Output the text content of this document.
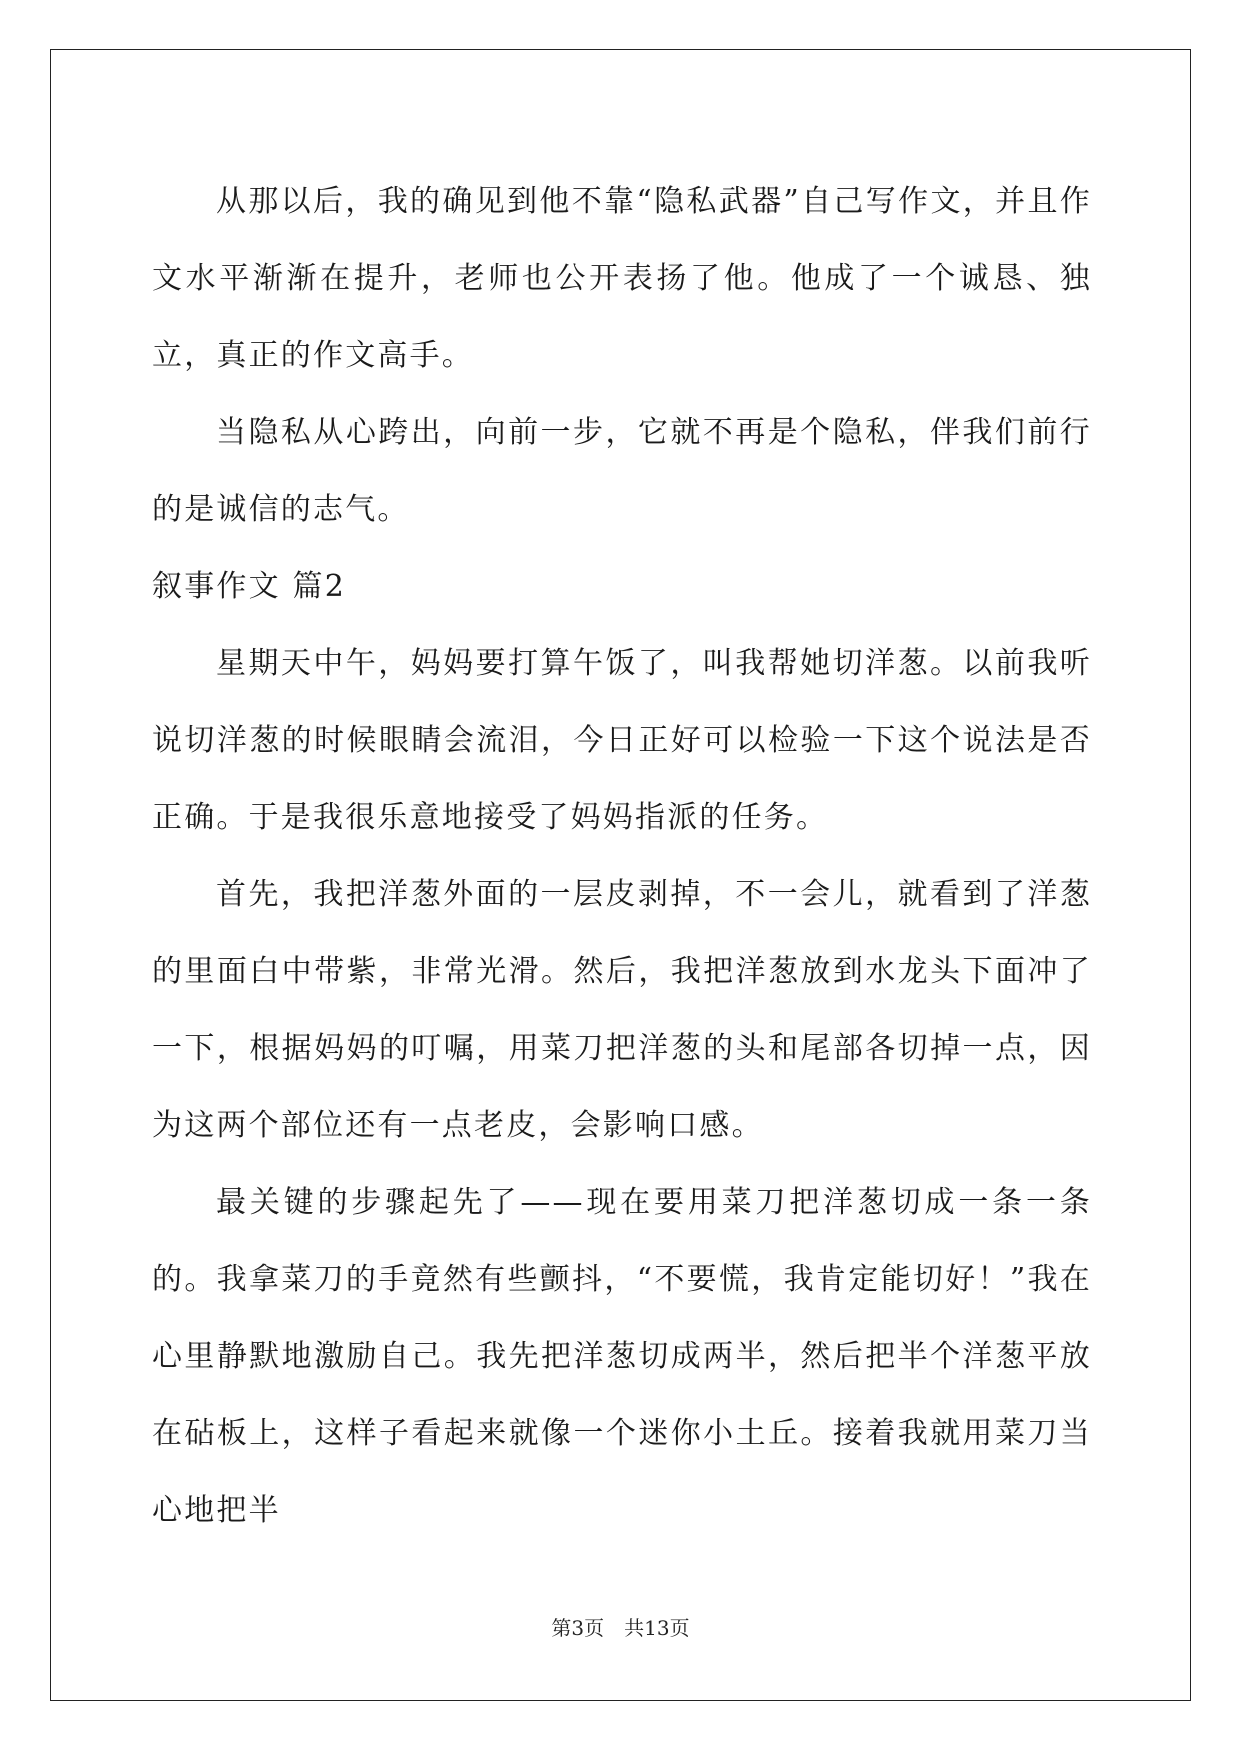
从那以后，我的确见到他不靠“隐私武器”自己写作文，并且作文水平渐渐在提升，老师也公开表扬了他。他成了一个诚恳、独立，真正的作文高手。

当隐私从心跨出，向前一步，它就不再是个隐私，伴我们前行的是诚信的志气。

叙事作文 篇2

星期天中午，妈妈要打算午饭了，叫我帮她切洋葱。以前我听说切洋葱的时候眼睛会流泪，今日正好可以检验一下这个说法是否正确。于是我很乐意地接受了妈妈指派的任务。

首先，我把洋葱外面的一层皮剥掉，不一会儿，就看到了洋葱的里面白中带紫，非常光滑。然后，我把洋葱放到水龙头下面冲了一下，根据妈妈的叮嘱，用菜刀把洋葱的头和尾部各切掉一点，因为这两个部位还有一点老皮，会影响口感。

最关键的步骤起先了——现在要用菜刀把洋葱切成一条一条的。我拿菜刀的手竟然有些颤抖，“不要慌，我肯定能切好！”我在心里静默地激励自己。我先把洋葱切成两半，然后把半个洋葱平放在砧板上，这样子看起来就像一个迷你小土丘。接着我就用菜刀当心地把半

第3页　共13页
